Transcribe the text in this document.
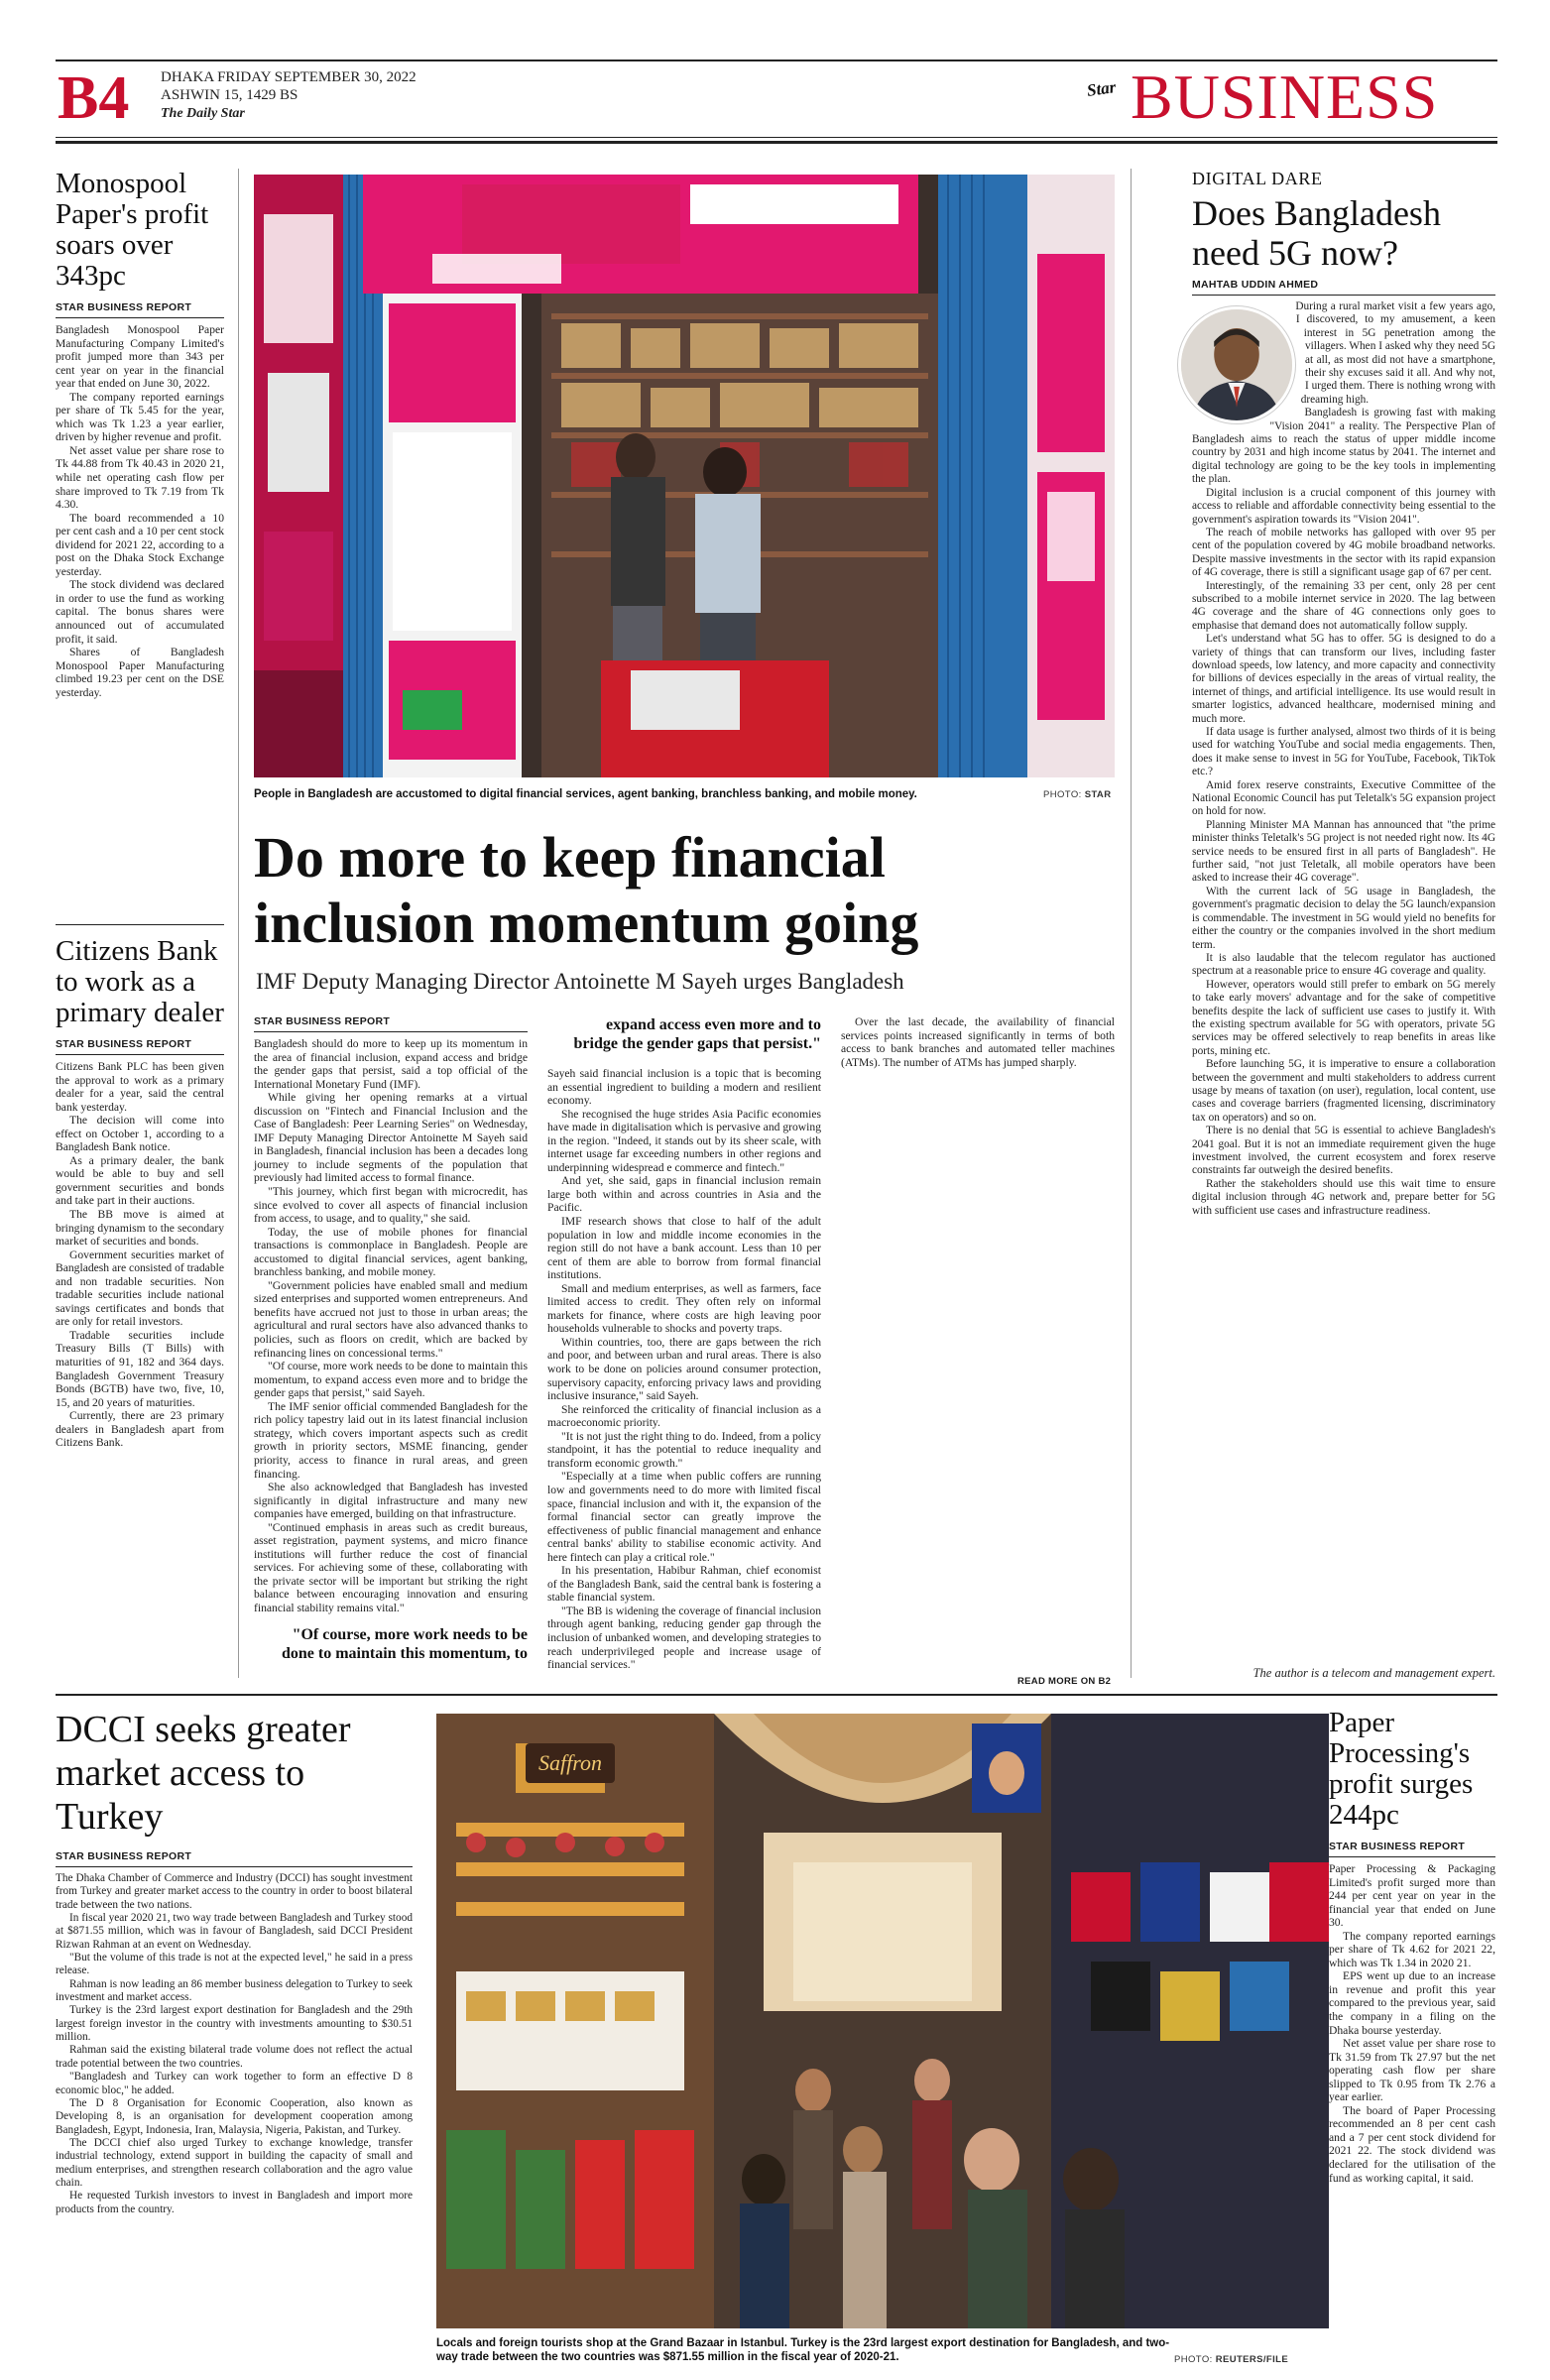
B4 DHAKA FRIDAY SEPTEMBER 30, 2022
ASHWIN 15, 1429 BS
The Daily Star
Star BUSINESS
Monospool Paper's profit soars over 343pc
STAR BUSINESS REPORT

Bangladesh Monospool Paper Manufacturing Company Limited's profit jumped more than 343 per cent year on year in the financial year that ended on June 30, 2022.

The company reported earnings per share of Tk 5.45 for the year, which was Tk 1.23 a year earlier, driven by higher revenue and profit.

Net asset value per share rose to Tk 44.88 from Tk 40.43 in 2020 21, while net operating cash flow per share improved to Tk 7.19 from Tk 4.30.

The board recommended a 10 per cent cash and a 10 per cent stock dividend for 2021 22, according to a post on the Dhaka Stock Exchange yesterday.

The stock dividend was declared in order to use the fund as working capital. The bonus shares were announced out of accumulated profit, it said.

Shares of Bangladesh Monospool Paper Manufacturing climbed 19.23 per cent on the DSE yesterday.

Citizens Bank to work as a primary dealer
STAR BUSINESS REPORT

Citizens Bank PLC has been given the approval to work as a primary dealer for a year, said the central bank yesterday.

The decision will come into effect on October 1, according to a Bangladesh Bank notice.

As a primary dealer, the bank would be able to buy and sell government securities and bonds and take part in their auctions.

The BB move is aimed at bringing dynamism to the secondary market of securities and bonds.

Government securities market of Bangladesh are consisted of tradable and non tradable securities. Non tradable securities include national savings certificates and bonds that are only for retail investors.

Tradable securities include Treasury Bills (T Bills) with maturities of 91, 182 and 364 days. Bangladesh Government Treasury Bonds (BGTB) have two, five, 10, 15, and 20 years of maturities.

Currently, there are 23 primary dealers in Bangladesh apart from Citizens Bank.

People in Bangladesh are accustomed to digital financial services, agent banking, branchless banking, and mobile money.	PHOTO: STAR
Do more to keep financial inclusion momentum going
IMF Deputy Managing Director Antoinette M Sayeh urges Bangladesh
STAR BUSINESS REPORT

Bangladesh should do more to keep up its momentum in the area of financial inclusion, expand access and bridge the gender gaps that persist, said a top official of the International Monetary Fund (IMF).

While giving her opening remarks at a virtual discussion on "Fintech and Financial Inclusion and the Case of Bangladesh: Peer Learning Series" on Wednesday, IMF Deputy Managing Director Antoinette M Sayeh said in Bangladesh, financial inclusion has been a decades long journey to include segments of the population that previously had limited access to formal finance.

"This journey, which first began with microcredit, has since evolved to cover all aspects of financial inclusion from access, to usage, and to quality," she said.

Today, the use of mobile phones for financial transactions is commonplace in Bangladesh. People are accustomed to digital financial services, agent banking, branchless banking, and mobile money.

"Government policies have enabled small and medium sized enterprises and supported women entrepreneurs. And benefits have accrued not just to those in urban areas; the agricultural and rural sectors have also advanced thanks to policies, such as floors on credit, which are backed by refinancing lines on concessional terms."

"Of course, more work needs to be done to maintain this momentum, to expand access even more and to bridge the gender gaps that persist," said Sayeh.

The IMF senior official commended Bangladesh for the rich policy tapestry laid out in its latest financial inclusion strategy, which covers important aspects such as credit growth in priority sectors, MSME financing, gender priority, access to finance in rural areas, and green financing.

She also acknowledged that Bangladesh has invested significantly in digital infrastructure and many new companies have emerged, building on that infrastructure.

"Continued emphasis in areas such as credit bureaus, asset registration, payment systems, and micro finance institutions will further reduce the cost of financial services. For achieving some of these, collaborating with the private sector will be important but striking the right balance between encouraging innovation and ensuring financial stability remains vital."

"Of course, more work needs to be done to maintain this momentum, to expand access even more and to bridge the gender gaps that persist."

Sayeh said financial inclusion is a topic that is becoming an essential ingredient to building a modern and resilient economy.

She recognised the huge strides Asia Pacific economies have made in digitalisation which is pervasive and growing in the region. "Indeed, it stands out by its sheer scale, with internet usage far exceeding numbers in other regions and underpinning widespread e commerce and fintech."

And yet, she said, gaps in financial inclusion remain large both within and across countries in Asia and the Pacific.

IMF research shows that close to half of the adult population in low and middle income economies in the region still do not have a bank account. Less than 10 per cent of them are able to borrow from formal financial institutions.

Small and medium enterprises, as well as farmers, face limited access to credit. They often rely on informal markets for finance, where costs are high leaving poor households vulnerable to shocks and poverty traps.

Within countries, too, there are gaps between the rich and poor, and between urban and rural areas. There is also work to be done on policies around consumer protection, supervisory capacity, enforcing privacy laws and providing inclusive insurance," said Sayeh.

She reinforced the criticality of financial inclusion as a macroeconomic priority.

"It is not just the right thing to do. Indeed, from a policy standpoint, it has the potential to reduce inequality and transform economic growth."

"Especially at a time when public coffers are running low and governments need to do more with limited fiscal space, financial inclusion and with it, the expansion of the formal financial sector can greatly improve the effectiveness of public financial management and enhance central banks' ability to stabilise economic activity. And here fintech can play a critical role."

In his presentation, Habibur Rahman, chief economist of the Bangladesh Bank, said the central bank is fostering a stable financial system.

"The BB is widening the coverage of financial inclusion through agent banking, reducing gender gap through the inclusion of unbanked women, and developing strategies to reach underprivileged people and increase usage of financial services."

Over the last decade, the availability of financial services points increased significantly in terms of both access to bank branches and automated teller machines (ATMs). The number of ATMs has jumped sharply.

READ MORE ON B2
DIGITAL DARE
Does Bangladesh need 5G now?
MAHTAB UDDIN AHMED

During a rural market visit a few years ago, I discovered, to my amusement, a keen interest in 5G penetration among the villagers. When I asked why they need 5G at all, as most did not have a smartphone, their shy excuses said it all. And why not, I urged them. There is nothing wrong with dreaming high.

Bangladesh is growing fast with making "Vision 2041" a reality. The Perspective Plan of Bangladesh aims to reach the status of upper middle income country by 2031 and high income status by 2041. The internet and digital technology are going to be the key tools in implementing the plan.

Digital inclusion is a crucial component of this journey with access to reliable and affordable connectivity being essential to the government's aspiration towards its "Vision 2041".

The reach of mobile networks has galloped with over 95 per cent of the population covered by 4G mobile broadband networks. Despite massive investments in the sector with its rapid expansion of 4G coverage, there is still a significant usage gap of 67 per cent.

Interestingly, of the remaining 33 per cent, only 28 per cent subscribed to a mobile internet service in 2020. The lag between 4G coverage and the share of 4G connections only goes to emphasise that demand does not automatically follow supply.

Let's understand what 5G has to offer. 5G is designed to do a variety of things that can transform our lives, including faster download speeds, low latency, and more capacity and connectivity for billions of devices especially in the areas of virtual reality, the internet of things, and artificial intelligence. Its use would result in smarter logistics, advanced healthcare, modernised mining and much more.

If data usage is further analysed, almost two thirds of it is being used for watching YouTube and social media engagements. Then, does it make sense to invest in 5G for YouTube, Facebook, TikTok etc.?

Amid forex reserve constraints, Executive Committee of the National Economic Council has put Teletalk's 5G expansion project on hold for now.

Planning Minister MA Mannan has announced that "the prime minister thinks Teletalk's 5G project is not needed right now. Its 4G service needs to be ensured first in all parts of Bangladesh". He further said, "not just Teletalk, all mobile operators have been asked to increase their 4G coverage".

With the current lack of 5G usage in Bangladesh, the government's pragmatic decision to delay the 5G launch/expansion is commendable. The investment in 5G would yield no benefits for either the country or the companies involved in the short medium term.

It is also laudable that the telecom regulator has auctioned spectrum at a reasonable price to ensure 4G coverage and quality.

However, operators would still prefer to embark on 5G merely to take early movers' advantage and for the sake of competitive benefits despite the lack of sufficient use cases to justify it. With the existing spectrum available for 5G with operators, private 5G services may be offered selectively to reap benefits in areas like ports, mining etc.

Before launching 5G, it is imperative to ensure a collaboration between the government and multi stakeholders to address current usage by means of taxation (on user), regulation, local content, use cases and coverage barriers (fragmented licensing, discriminatory tax on operators) and so on.

There is no denial that 5G is essential to achieve Bangladesh's 2041 goal. But it is not an immediate requirement given the huge investment involved, the current ecosystem and forex reserve constraints far outweigh the desired benefits.

Rather the stakeholders should use this wait time to ensure digital inclusion through 4G network and, prepare better for 5G with sufficient use cases and infrastructure readiness.

The author is a telecom and management expert.
DCCI seeks greater market access to Turkey
STAR BUSINESS REPORT

The Dhaka Chamber of Commerce and Industry (DCCI) has sought investment from Turkey and greater market access to the country in order to boost bilateral trade between the two nations.

In fiscal year 2020 21, two way trade between Bangladesh and Turkey stood at $871.55 million, which was in favour of Bangladesh, said DCCI President Rizwan Rahman at an event on Wednesday.

"But the volume of this trade is not at the expected level," he said in a press release.

Rahman is now leading an 86 member business delegation to Turkey to seek investment and market access.

Turkey is the 23rd largest export destination for Bangladesh and the 29th largest foreign investor in the country with investments amounting to $30.51 million.

Rahman said the existing bilateral trade volume does not reflect the actual trade potential between the two countries.

"Bangladesh and Turkey can work together to form an effective D 8 economic bloc," he added.

The D 8 Organisation for Economic Cooperation, also known as Developing 8, is an organisation for development cooperation among Bangladesh, Egypt, Indonesia, Iran, Malaysia, Nigeria, Pakistan, and Turkey.

The DCCI chief also urged Turkey to exchange knowledge, transfer industrial technology, extend support in building the capacity of small and medium enterprises, and strengthen research collaboration and the agro value chain.

He requested Turkish investors to invest in Bangladesh and import more products from the country.

Saffron
Locals and foreign tourists shop at the Grand Bazaar in Istanbul. Turkey is the 23rd largest export destination for Bangladesh, and two-way trade between the two countries was $871.55 million in the fiscal year of 2020-21.	PHOTO: REUTERS/FILE
Paper Processing's profit surges 244pc
STAR BUSINESS REPORT

Paper Processing & Packaging Limited's profit surged more than 244 per cent year on year in the financial year that ended on June 30.

The company reported earnings per share of Tk 4.62 for 2021 22, which was Tk 1.34 in 2020 21.

EPS went up due to an increase in revenue and profit this year compared to the previous year, said the company in a filing on the Dhaka bourse yesterday.

Net asset value per share rose to Tk 31.59 from Tk 27.97 but the net operating cash flow per share slipped to Tk 0.95 from Tk 2.76 a year earlier.

The board of Paper Processing recommended an 8 per cent cash and a 7 per cent stock dividend for 2021 22. The stock dividend was declared for the utilisation of the fund as working capital, it said.
